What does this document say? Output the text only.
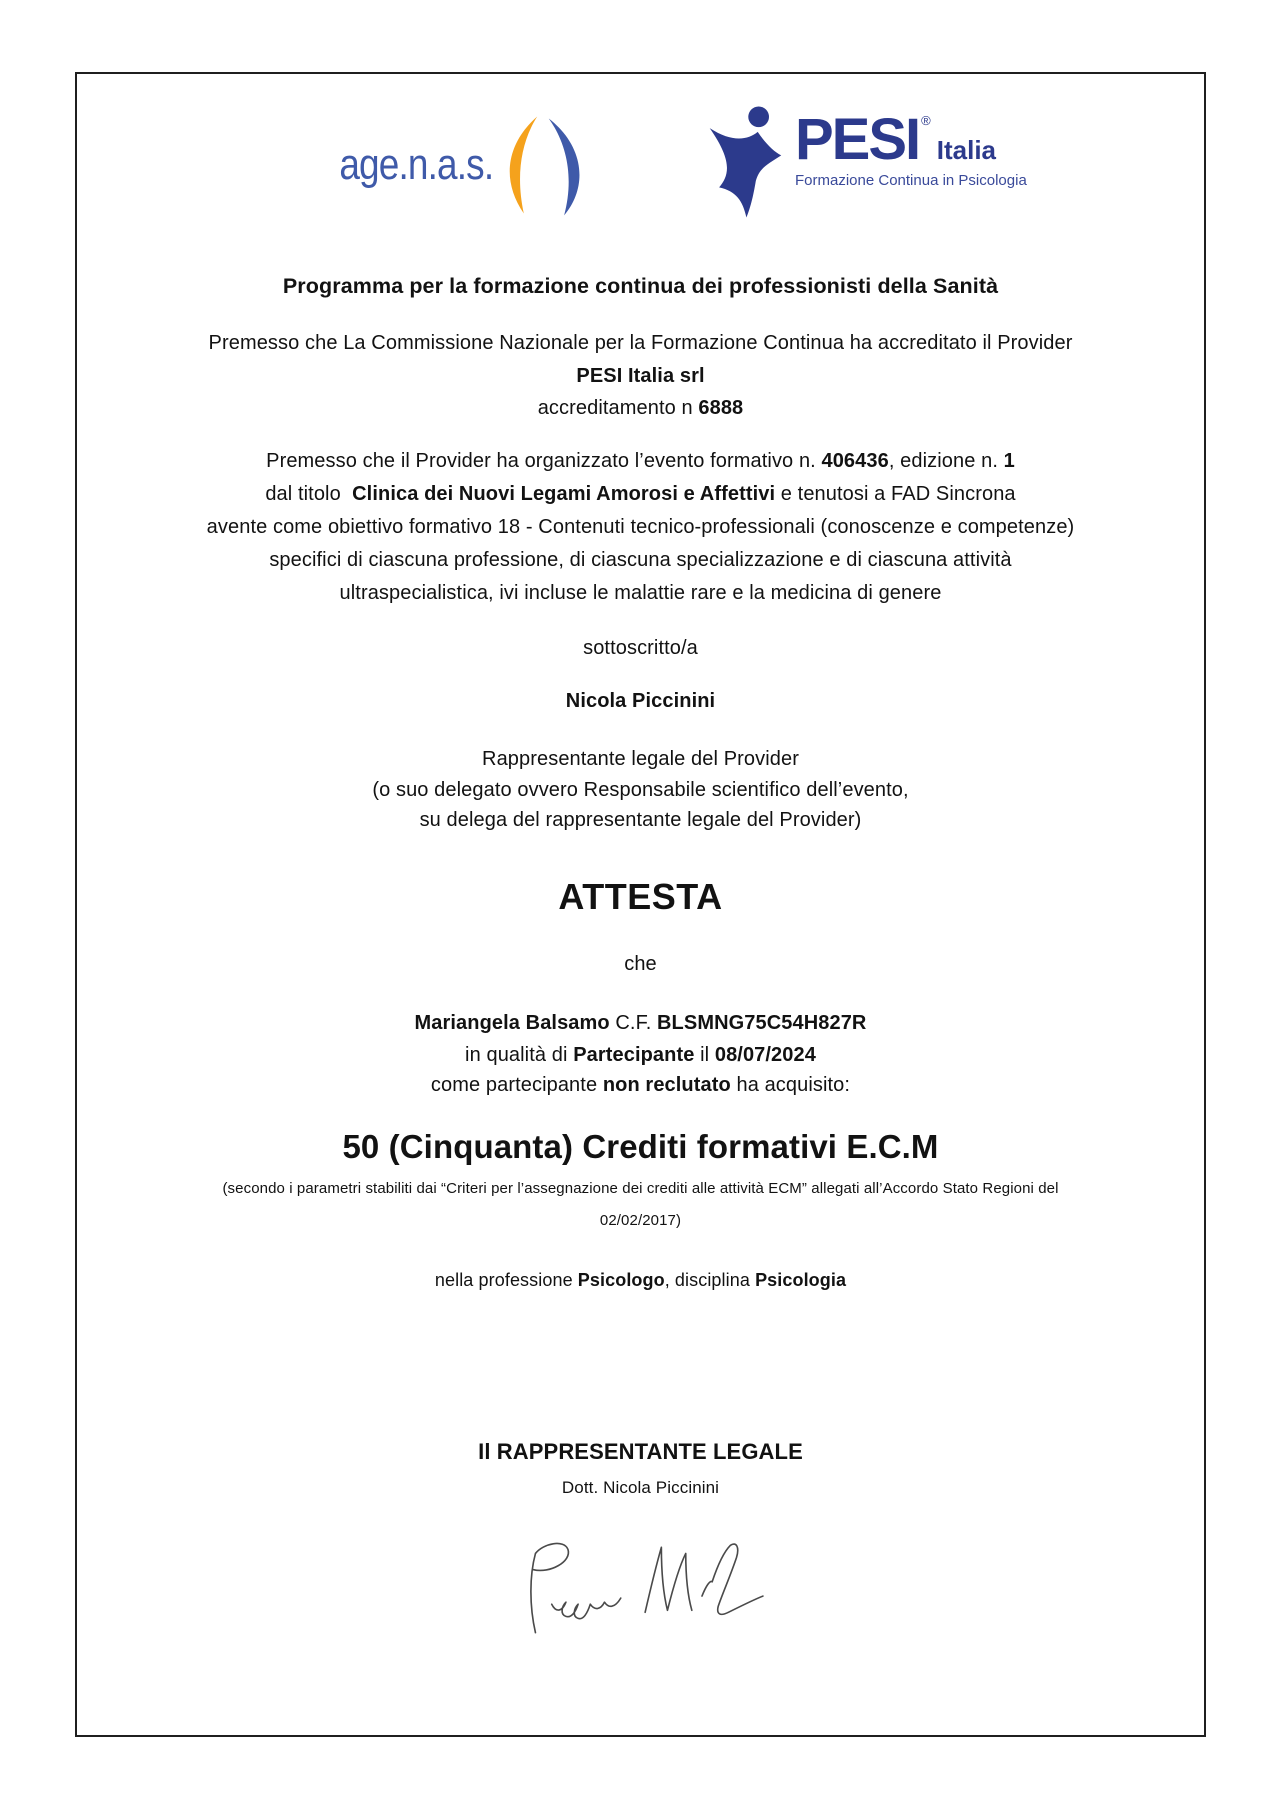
age.n.a.s.	PESI ®
Italia
Formazione Continua in Psicologia
Programma per la formazione continua dei professionisti della Sanità
Premesso che La Commissione Nazionale per la Formazione Continua ha accreditato il Provider
PESI Italia srl
accreditamento n 6888
Premesso che il Provider ha organizzato l’evento formativo n. 406436, edizione n. 1
dal titolo  Clinica dei Nuovi Legami Amorosi e Affettivi e tenutosi a FAD Sincrona
avente come obiettivo formativo 18 - Contenuti tecnico-professionali (conoscenze e competenze)
specifici di ciascuna professione, di ciascuna specializzazione e di ciascuna attività
ultraspecialistica, ivi incluse le malattie rare e la medicina di genere
sottoscritto/a
Nicola Piccinini
Rappresentante legale del Provider
(o suo delegato ovvero Responsabile scientifico dell’evento,
su delega del rappresentante legale del Provider)
ATTESTA
che
Mariangela Balsamo C.F. BLSMNG75C54H827R
in qualità di Partecipante il 08/07/2024
come partecipante non reclutato ha acquisito:
50 (Cinquanta) Crediti formativi E.C.M
(secondo i parametri stabiliti dai “Criteri per l’assegnazione dei crediti alle attività ECM” allegati all’Accordo Stato Regioni del
02/02/2017)
nella professione Psicologo, disciplina Psicologia
Il RAPPRESENTANTE LEGALE
Dott. Nicola Piccinini
